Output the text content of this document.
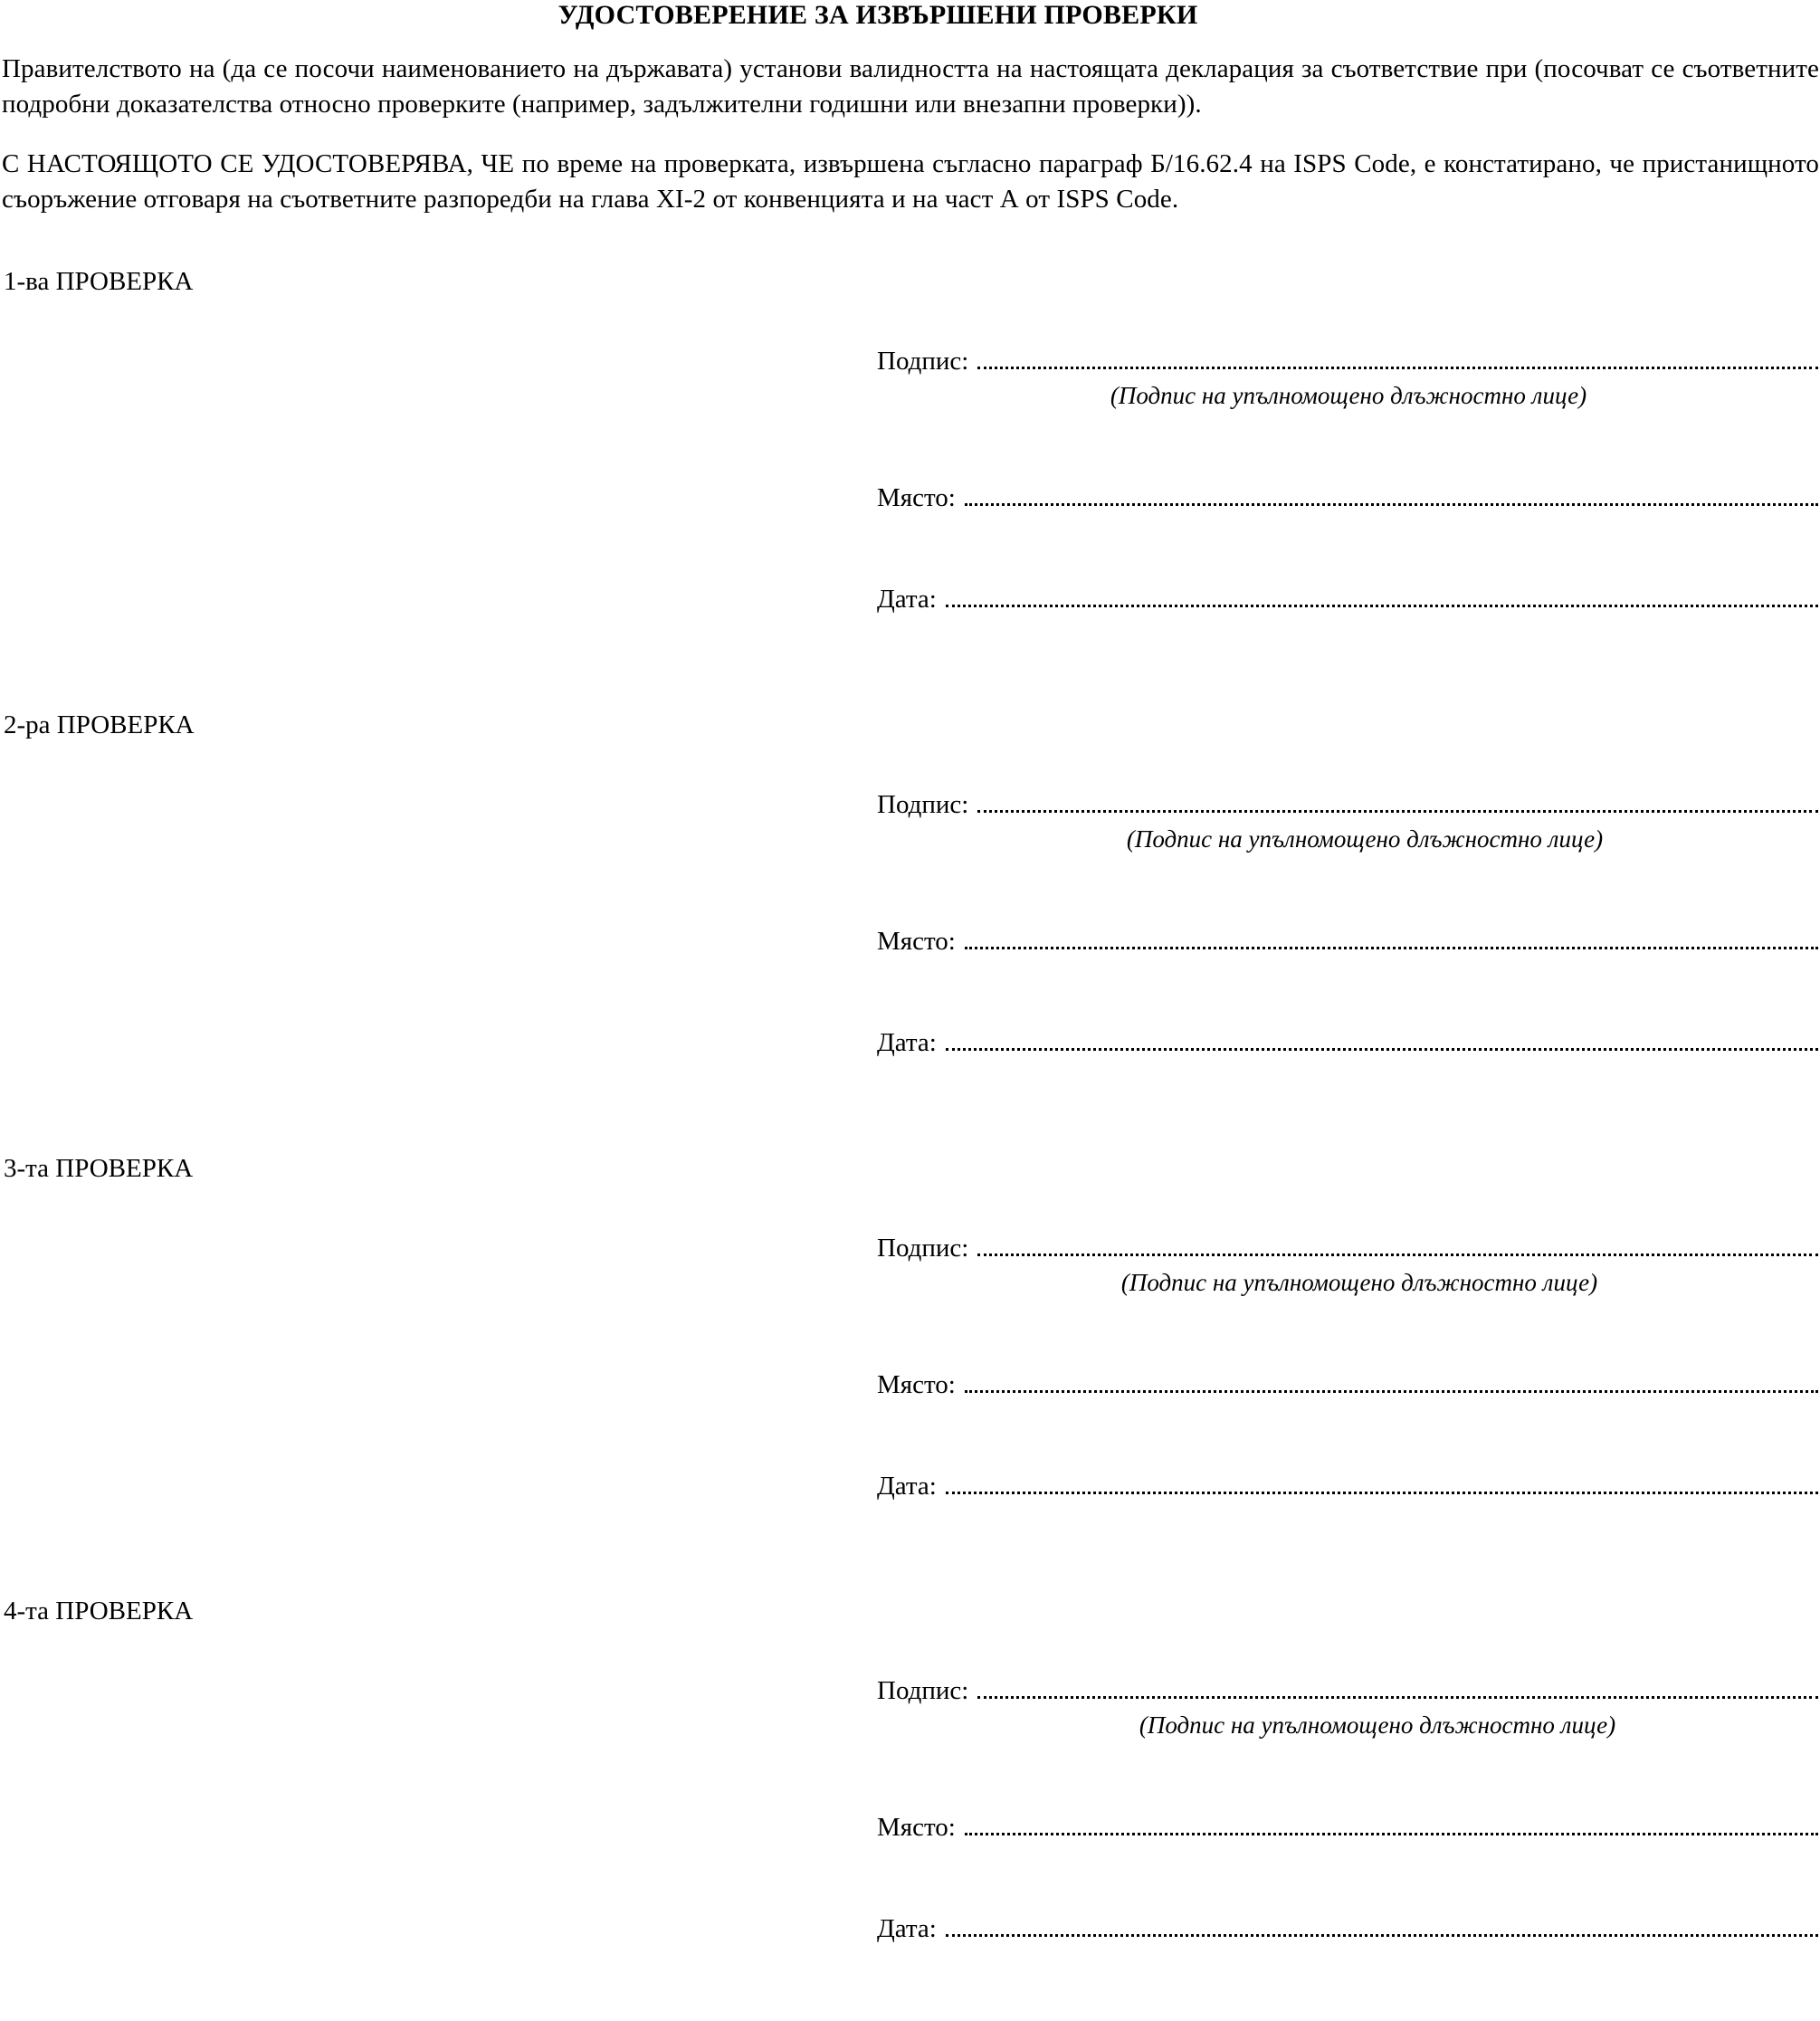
УДОСТОВЕРЕНИЕ ЗА ИЗВЪРШЕНИ ПРОВЕРКИ
Правителството на (да се посочи наименованието на държавата) установи валидността на настоящата декларация за съответствие при (посочват се съответните подробни доказателства относно проверките (например, задължителни годишни или внезапни проверки)).
С НАСТОЯЩОТО СЕ УДОСТОВЕРЯВА, ЧЕ по време на проверката, извършена съгласно параграф Б/16.62.4 на ISPS Code, е констатирано, че пристанищното съоръжение отговаря на съответните разпоредби на глава XI-2 от конвенцията и на част А от ISPS Code.
1-ва ПРОВЕРКА
Подпис:
(Подпис на упълномощено длъжностно лице)
Място:
Дата:
2-ра ПРОВЕРКА
Подпис:
(Подпис на упълномощено длъжностно лице)
Място:
Дата:
3-та ПРОВЕРКА
Подпис:
(Подпис на упълномощено длъжностно лице)
Място:
Дата:
4-та ПРОВЕРКА
Подпис:
(Подпис на упълномощено длъжностно лице)
Място:
Дата:
